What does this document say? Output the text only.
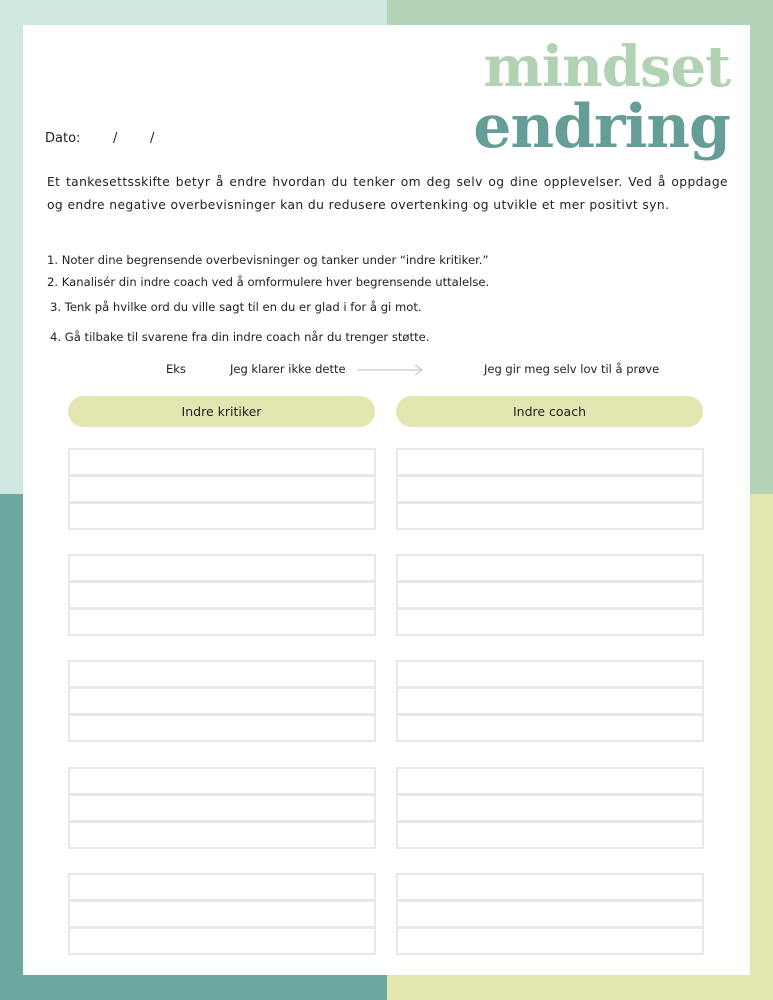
mindset
endring
Dato:	/	/

Et tankesettsskifte betyr å endre hvordan du tenker om deg selv og dine opplevelser. Ved å oppdage og endre negative overbevisninger kan du redusere overtenking og utvikle et mer positivt syn.

1. Noter dine begrensende overbevisninger og tanker under “indre kritiker.”

2. Kanalisér din indre coach ved å omformulere hver begrensende uttalelse.

3. Tenk på hvilke ord du ville sagt til en du er glad i for å gi mot.

4. Gå tilbake til svarene fra din indre coach når du trenger støtte.

Eks	Jeg klarer ikke dette	Jeg gir meg selv lov til å prøve
Indre kritiker	Indre coach
